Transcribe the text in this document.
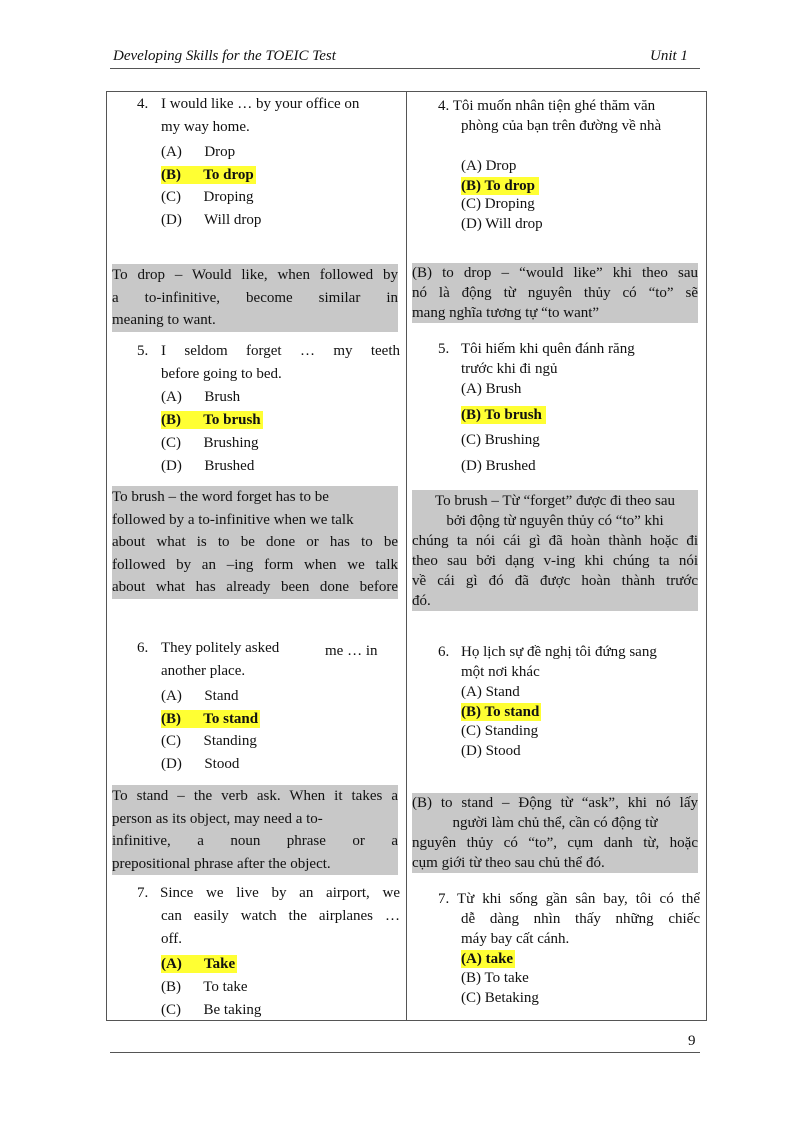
Developing Skills for the TOEIC Test	Unit 1
4. I would like … by your office on
my way home.
(A)      Drop
(B)      To drop
(C)      Droping
(D)      Will drop
To drop – Would like, when followed by
a to-infinitive, become similar in
meaning to want.
5. I seldom forget … my teeth
before going to bed.
(A)      Brush
(B)      To brush
(C)      Brushing
(D)      Brushed
To brush – the word forget has to be
followed by a to-infinitive when we talk
about what is to be done or has to be
followed by an –ing form when we talk
about what has already been done before
6. They politely asked	me … in
another place.
(A)      Stand
(B)      To stand
(C)      Standing
(D)      Stood
To stand – the verb ask. When it takes a
person as its object, may need a to-
infinitive, a noun phrase or a
prepositional phrase after the object.
7. Since we live by an airport, we
can easily watch the airplanes …
off.
(A)      Take
(B)      To take
(C)      Be taking
4. Tôi muốn nhân tiện ghé thăm văn
phòng của bạn trên đường về nhà
(A) Drop
(B) To drop
(C) Droping
(D) Will drop
(B) to drop – “would like” khi theo sau
nó là động từ nguyên thủy có “to” sẽ
mang nghĩa tương tự “to want”
5. Tôi hiếm khi quên đánh răng
trước khi đi ngủ
(A) Brush
(B) To brush
(C) Brushing
(D) Brushed
To brush – Từ “forget” được đi theo sau
bởi động từ nguyên thủy có “to” khi
chúng ta nói cái gì đã hoàn thành hoặc đi
theo sau bởi dạng v-ing khi chúng ta nói
về cái gì đó đã được hoàn thành trước
đó.
6. Họ lịch sự đề nghị tôi đứng sang
một nơi khác
(A) Stand
(B) To stand
(C) Standing
(D) Stood
(B) to stand – Động từ “ask”, khi nó lấy
người làm chủ thể, cần có động từ
nguyên thủy có “to”, cụm danh từ, hoặc
cụm giới từ theo sau chủ thể đó.
7. Từ khi sống gần sân bay, tôi có thể
dễ dàng nhìn thấy những chiếc
máy bay cất cánh.
(A) take
(B) To take
(C) Betaking
9
